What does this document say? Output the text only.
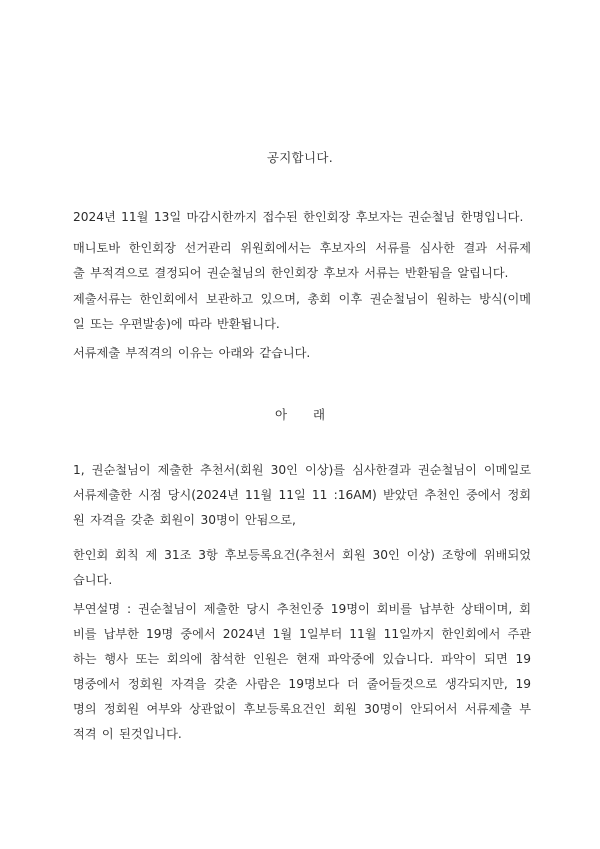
공지합니다.
2024년 11월 13일 마감시한까지 접수된 한인회장 후보자는 권순철님 한명입니다.
매니토바 한인회장 선거관리 위원회에서는 후보자의 서류를 심사한 결과 서류제
출 부적격으로 결정되어 권순철님의 한인회장 후보자 서류는 반환됨을 알립니다.
제출서류는 한인회에서 보관하고 있으며, 총회 이후 권순철님이 원하는 방식(이메
일 또는 우편발송)에 따라 반환됩니다.
서류제출 부적격의 이유는 아래와 같습니다.
아 래
1, 권순철님이 제출한 추천서(회원 30인 이상)를 심사한결과 권순철님이 이메일로
서류제출한 시점 당시(2024년 11월 11일 11 :16AM) 받았던 추천인 중에서 정회
원 자격을 갖춘 회원이 30명이 안됨으로,
한인회 회칙 제 31조 3항 후보등록요건(추천서 회원 30인 이상) 조항에 위배되었
습니다.
부연설명 : 권순철님이 제출한 당시 추천인중 19명이 회비를 납부한 상태이며, 회
비를 납부한 19명 중에서 2024년 1월 1일부터 11월 11일까지 한인회에서 주관
하는 행사 또는 회의에 참석한 인원은 현재 파악중에 있습니다. 파악이 되면 19
명중에서 정회원 자격을 갖춘 사람은 19명보다 더 줄어들것으로 생각되지만, 19
명의 정회원 여부와 상관없이 후보등록요건인 회원 30명이 안되어서 서류제출 부
적격 이 된것입니다.
